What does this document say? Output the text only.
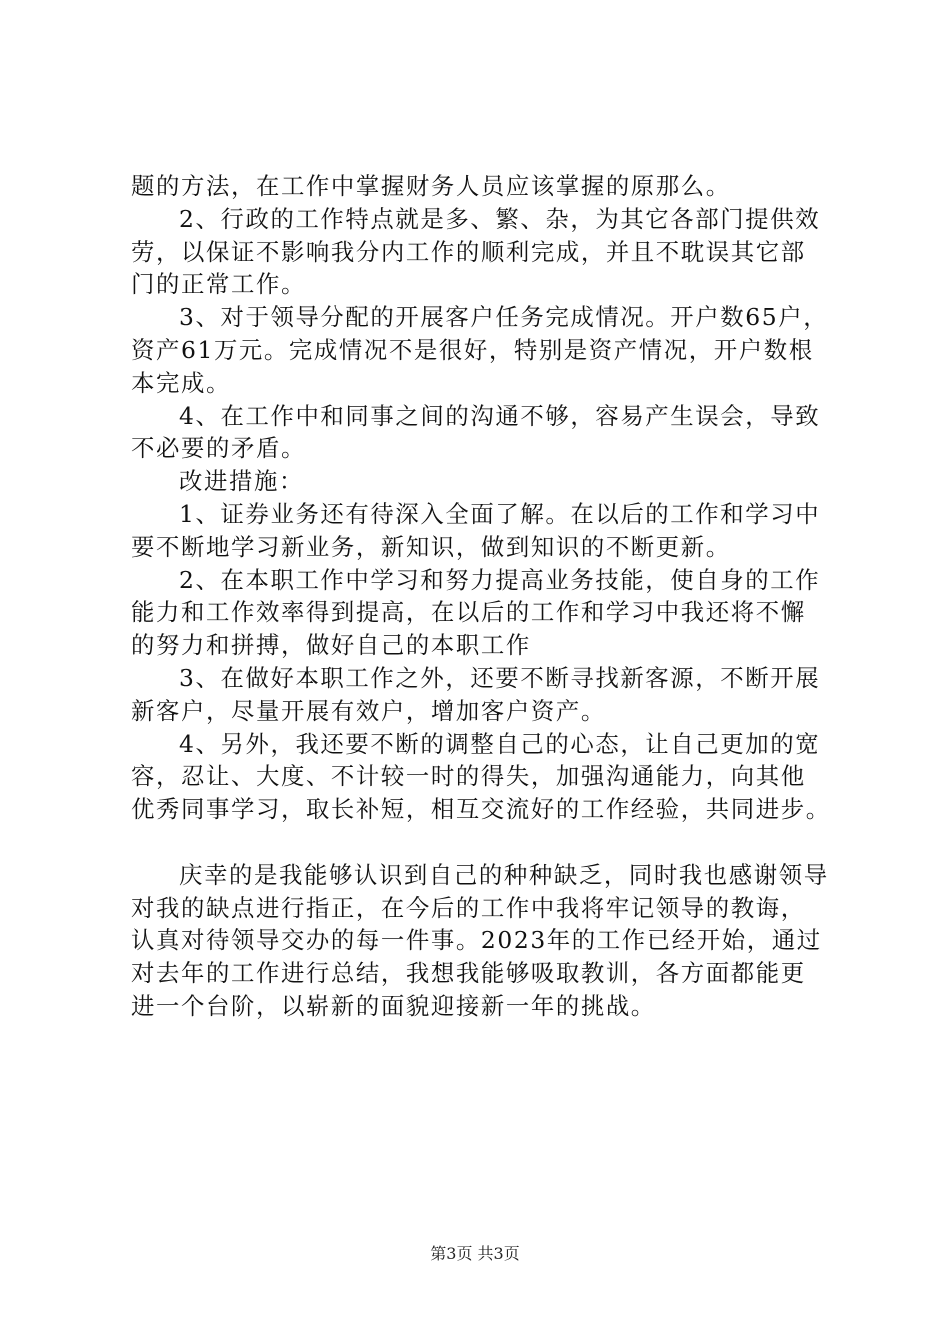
题的方法，在工作中掌握财务人员应该掌握的原那么。
2、行政的工作特点就是多、繁、杂，为其它各部门提供效
劳，以保证不影响我分内工作的顺利完成，并且不耽误其它部
门的正常工作。
3、对于领导分配的开展客户任务完成情况。开户数65户，
资产61万元。完成情况不是很好，特别是资产情况，开户数根
本完成。
4、在工作中和同事之间的沟通不够，容易产生误会，导致
不必要的矛盾。
改进措施：
1、证券业务还有待深入全面了解。在以后的工作和学习中
要不断地学习新业务，新知识，做到知识的不断更新。
2、在本职工作中学习和努力提高业务技能，使自身的工作
能力和工作效率得到提高，在以后的工作和学习中我还将不懈
的努力和拼搏，做好自己的本职工作
3、在做好本职工作之外，还要不断寻找新客源，不断开展
新客户，尽量开展有效户，增加客户资产。
4、另外，我还要不断的调整自己的心态，让自己更加的宽
容，忍让、大度、不计较一时的得失，加强沟通能力，向其他
优秀同事学习，取长补短，相互交流好的工作经验，共同进步。
庆幸的是我能够认识到自己的种种缺乏，同时我也感谢领导
对我的缺点进行指正，在今后的工作中我将牢记领导的教诲，
认真对待领导交办的每一件事。2023年的工作已经开始，通过
对去年的工作进行总结，我想我能够吸取教训，各方面都能更
进一个台阶，以崭新的面貌迎接新一年的挑战。
第3页 共3页
